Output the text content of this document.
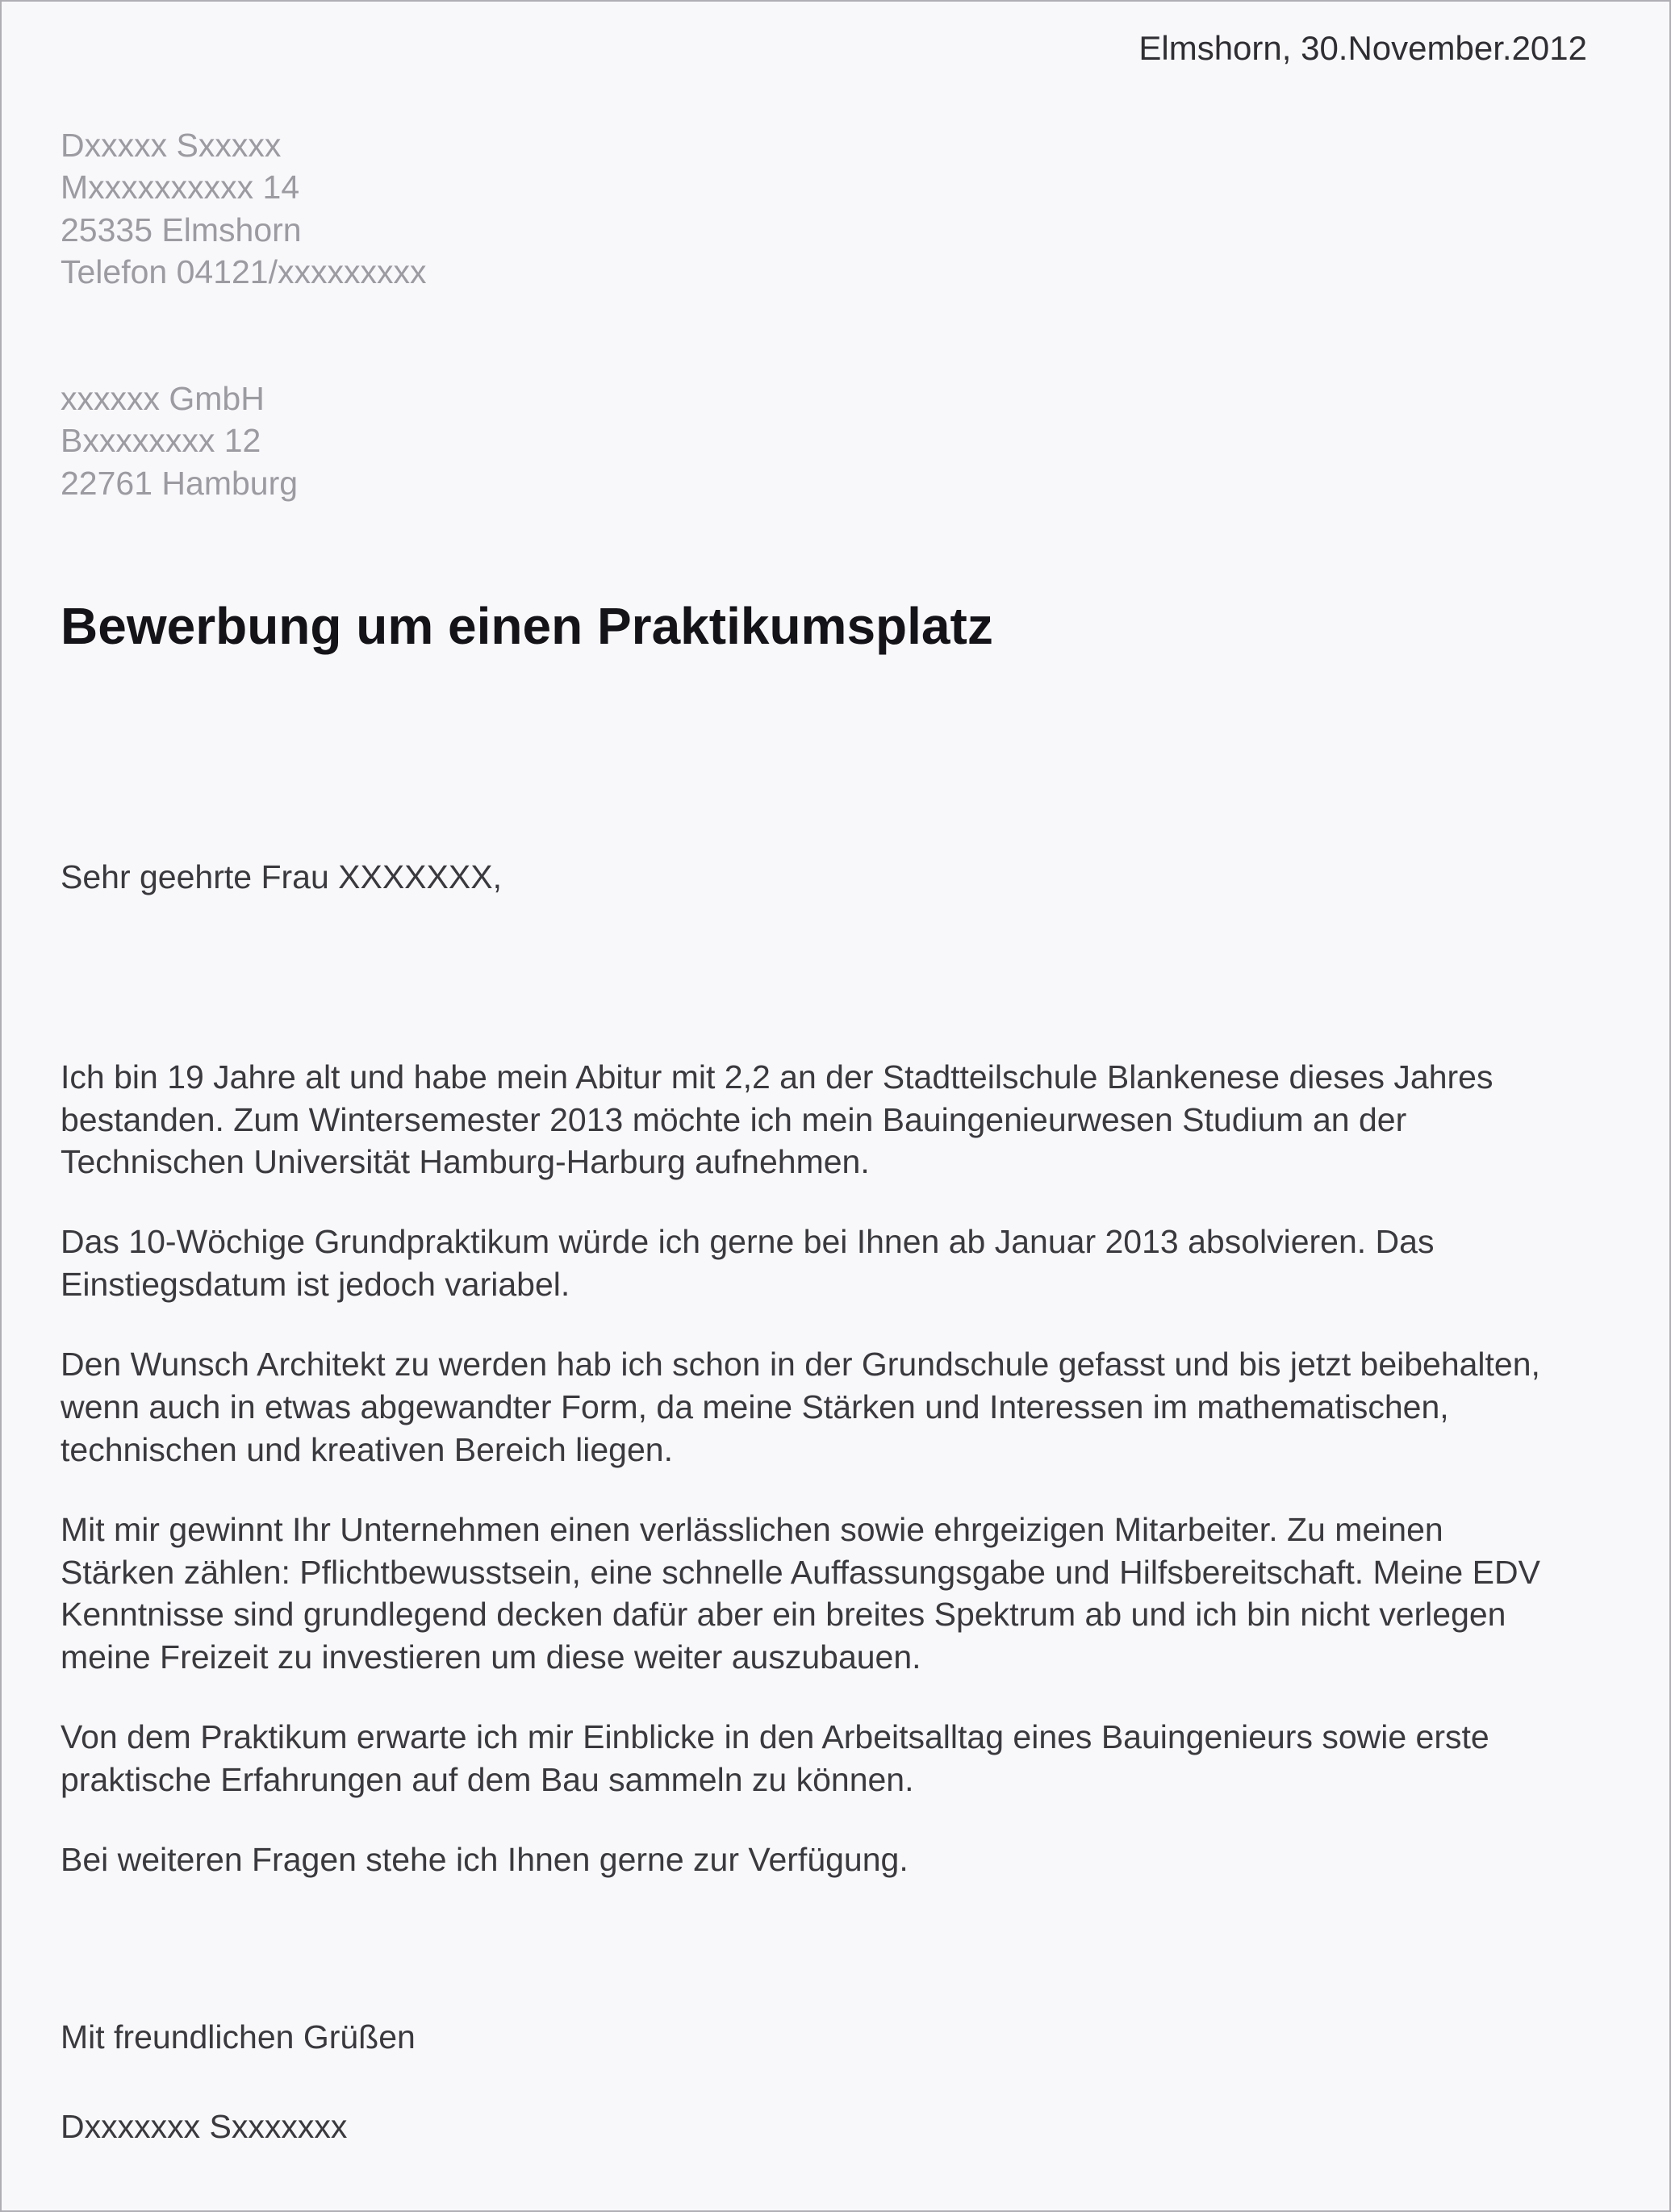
Elmshorn, 30.November.2012
Dxxxxx Sxxxxx
Mxxxxxxxxxx 14
25335 Elmshorn
Telefon 04121/xxxxxxxxx
xxxxxx GmbH
Bxxxxxxxx 12
22761 Hamburg
Bewerbung um einen Praktikumsplatz
Sehr geehrte Frau XXXXXXX,

Ich bin 19 Jahre alt und habe mein Abitur mit 2,2 an der Stadtteilschule Blankenese dieses Jahres bestanden. Zum Wintersemester 2013 möchte ich mein Bauingenieurwesen Studium an der Technischen Universität Hamburg-Harburg aufnehmen.

Das 10-Wöchige Grundpraktikum würde ich gerne bei Ihnen ab Januar 2013 absolvieren. Das Einstiegsdatum ist jedoch variabel.

Den Wunsch Architekt zu werden hab ich schon in der Grundschule gefasst und bis jetzt beibehalten, wenn auch in etwas abgewandter Form, da meine Stärken und Interessen im mathematischen, technischen und kreativen Bereich liegen.

Mit mir gewinnt Ihr Unternehmen einen verlässlichen sowie ehrgeizigen Mitarbeiter. Zu meinen Stärken zählen: Pflichtbewusstsein, eine schnelle Auffassungsgabe und Hilfsbereitschaft. Meine EDV Kenntnisse sind grundlegend decken dafür aber ein breites Spektrum ab und ich bin nicht verlegen meine Freizeit zu investieren um diese weiter auszubauen.

Von dem Praktikum erwarte ich mir Einblicke in den Arbeitsalltag eines Bauingenieurs sowie erste praktische Erfahrungen auf dem Bau sammeln zu können.

Bei weiteren Fragen stehe ich Ihnen gerne zur Verfügung.

Mit freundlichen Grüßen
Dxxxxxxx Sxxxxxxx
